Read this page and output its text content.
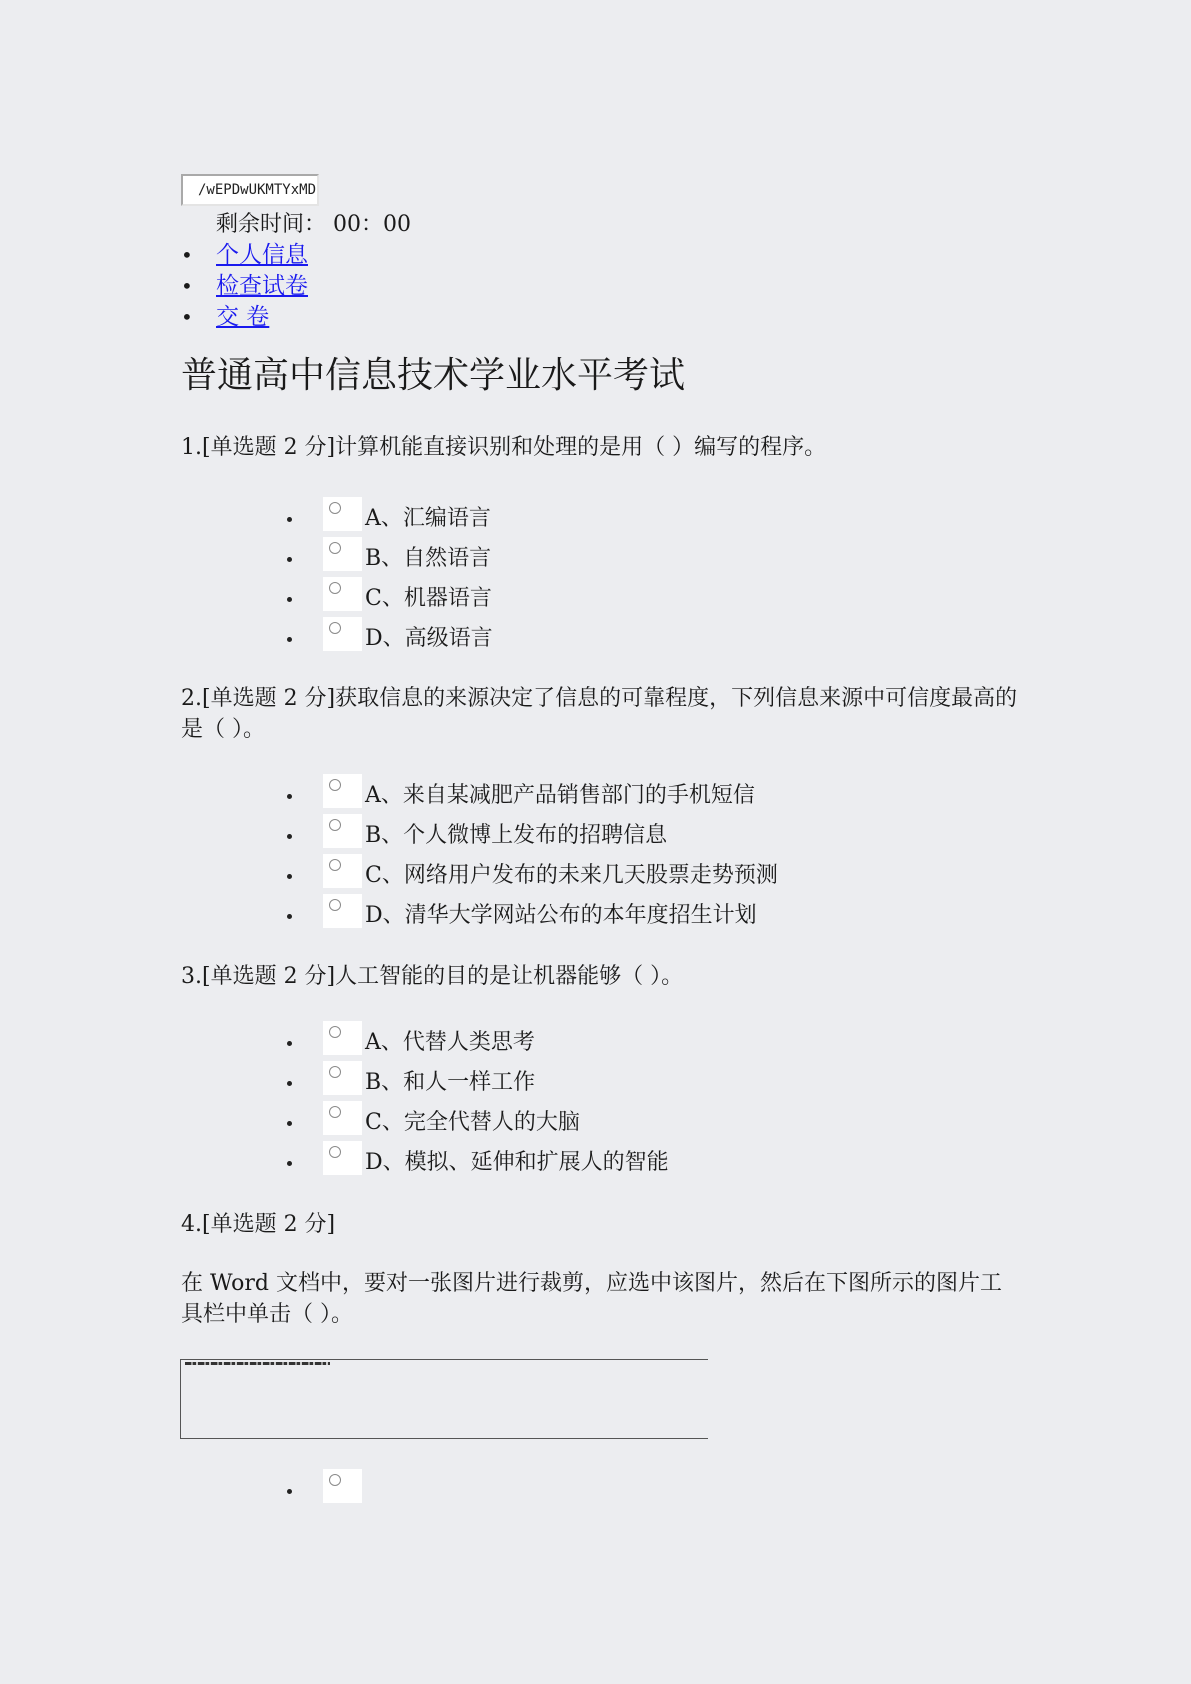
/wEPDwUKMTYxMD
剩余时间： 00：00
• 个人信息
• 检查试卷
• 交 卷
普通高中信息技术学业水平考试

1.[单选题 2 分]计算机能直接识别和处理的是用（ ）编写的程序。

A、汇编语言
B、自然语言
C、机器语言
D、高级语言

2.[单选题 2 分]获取信息的来源决定了信息的可靠程度，下列信息来源中可信度最高的是（ ）。

A、来自某减肥产品销售部门的手机短信
B、个人微博上发布的招聘信息
C、网络用户发布的未来几天股票走势预测
D、清华大学网站公布的本年度招生计划

3.[单选题 2 分]人工智能的目的是让机器能够（ ）。

A、代替人类思考
B、和人一样工作
C、完全代替人的大脑
D、模拟、延伸和扩展人的智能

4.[单选题 2 分]

在 Word 文档中，要对一张图片进行裁剪，应选中该图片，然后在下图所示的图片工具栏中单击（ ）。
